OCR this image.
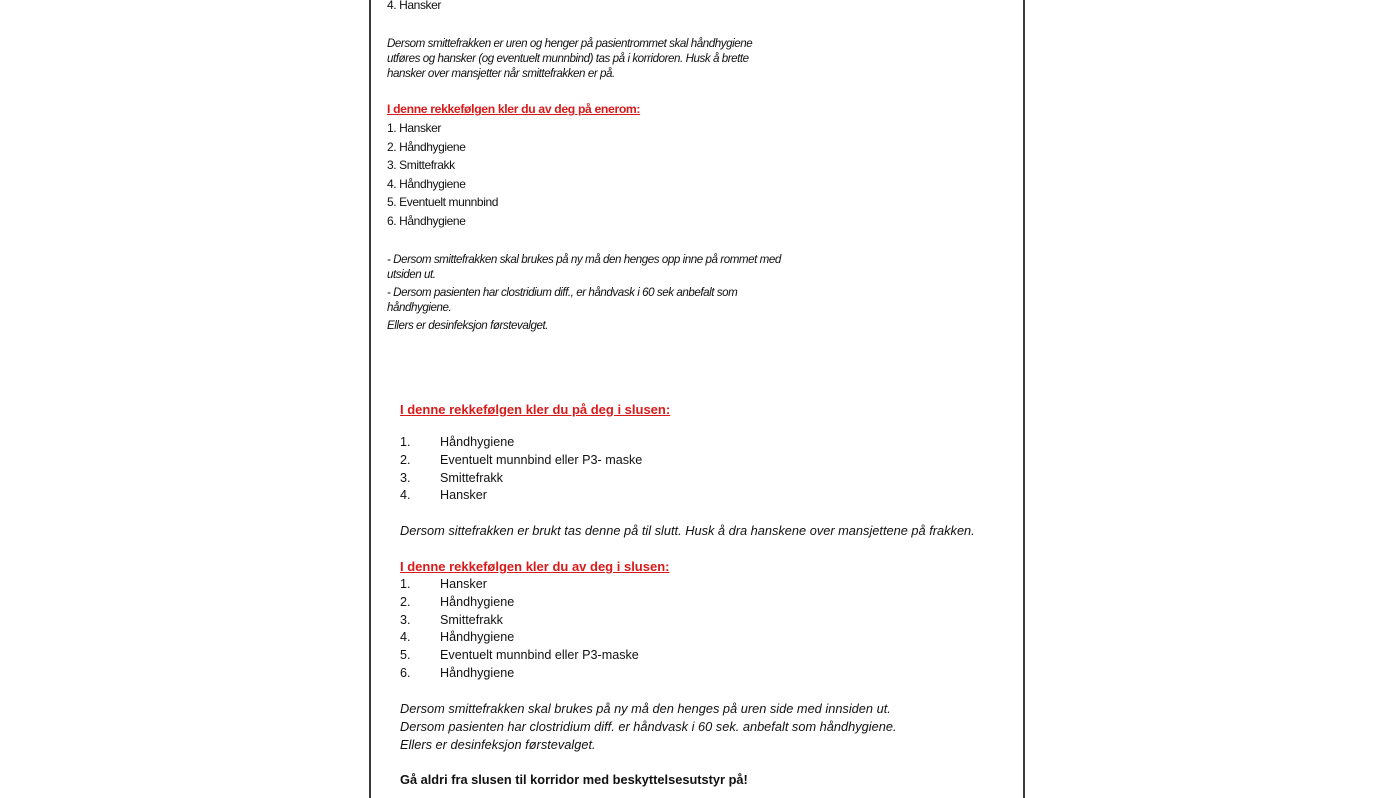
4. Hansker
Dersom smittefrakken er uren og henger på pasientrommet skal håndhygiene
utføres og hansker (og eventuelt munnbind) tas på i korridoren. Husk å brette
hansker over mansjetter når smittefrakken er på.
I denne rekkefølgen kler du av deg på enerom:
1. Hansker
2. Håndhygiene
3. Smittefrakk
4. Håndhygiene
5. Eventuelt munnbind
6. Håndhygiene
- Dersom smittefrakken skal brukes på ny må den henges opp inne på rommet med
utsiden ut.
- Dersom pasienten har clostridium diff., er håndvask i 60 sek anbefalt som
håndhygiene.
Ellers er desinfeksjon førstevalget.
I denne rekkefølgen kler du på deg i slusen:
1.	Håndhygiene
2.	Eventuelt munnbind eller P3- maske
3.	Smittefrakk
4.	Hansker
Dersom sittefrakken er brukt tas denne på til slutt. Husk å dra hanskene over mansjettene på frakken.
I denne rekkefølgen kler du av deg i slusen:
1.	Hansker
2.	Håndhygiene
3.	Smittefrakk
4.	Håndhygiene
5.	Eventuelt munnbind eller P3-maske
6.	Håndhygiene
Dersom smittefrakken skal brukes på ny må den henges på uren side med innsiden ut.
Dersom pasienten har clostridium diff. er håndvask i 60 sek. anbefalt som håndhygiene.
Ellers er desinfeksjon førstevalget.
Gå aldri fra slusen til korridor med beskyttelsesutstyr på!
